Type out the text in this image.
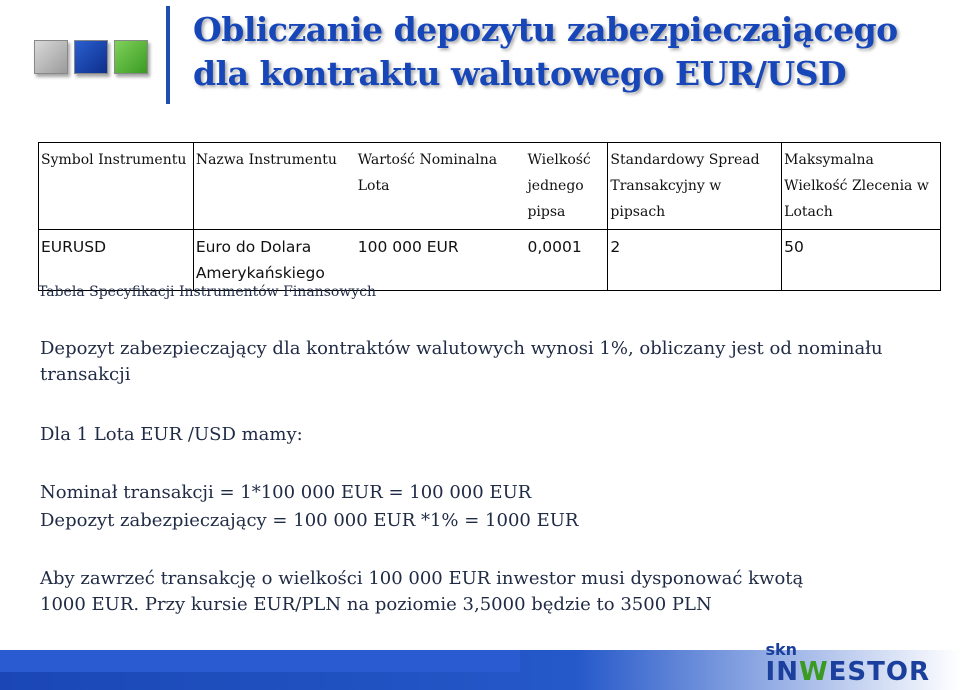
Obliczanie depozytu zabezpieczającego
dla kontraktu walutowego EUR/USD
Symbol Instrumentu	Nazwa Instrumentu	Wartość Nominalna Lota	Wielkość jednego pipsa	Standardowy Spread Transakcyjny w pipsach	Maksymalna Wielkość Zlecenia w Lotach
EURUSD	Euro do Dolara Amerykańskiego	100 000 EUR	0,0001	2	50
Tabela Specyfikacji Instrumentów Finansowych

Depozyt zabezpieczający dla kontraktów walutowych wynosi 1%, obliczany jest od nominału transakcji

Dla 1 Lota EUR /USD mamy:

Nominał transakcji = 1*100 000 EUR = 100 000 EUR

Depozyt zabezpieczający = 100 000 EUR *1% = 1000 EUR

Aby zawrzeć transakcję o wielkości 100 000 EUR inwestor musi dysponować kwotą 1000 EUR. Przy kursie EUR/PLN na poziomie 3,5000 będzie to 3500 PLN

skn
INWESTOR
